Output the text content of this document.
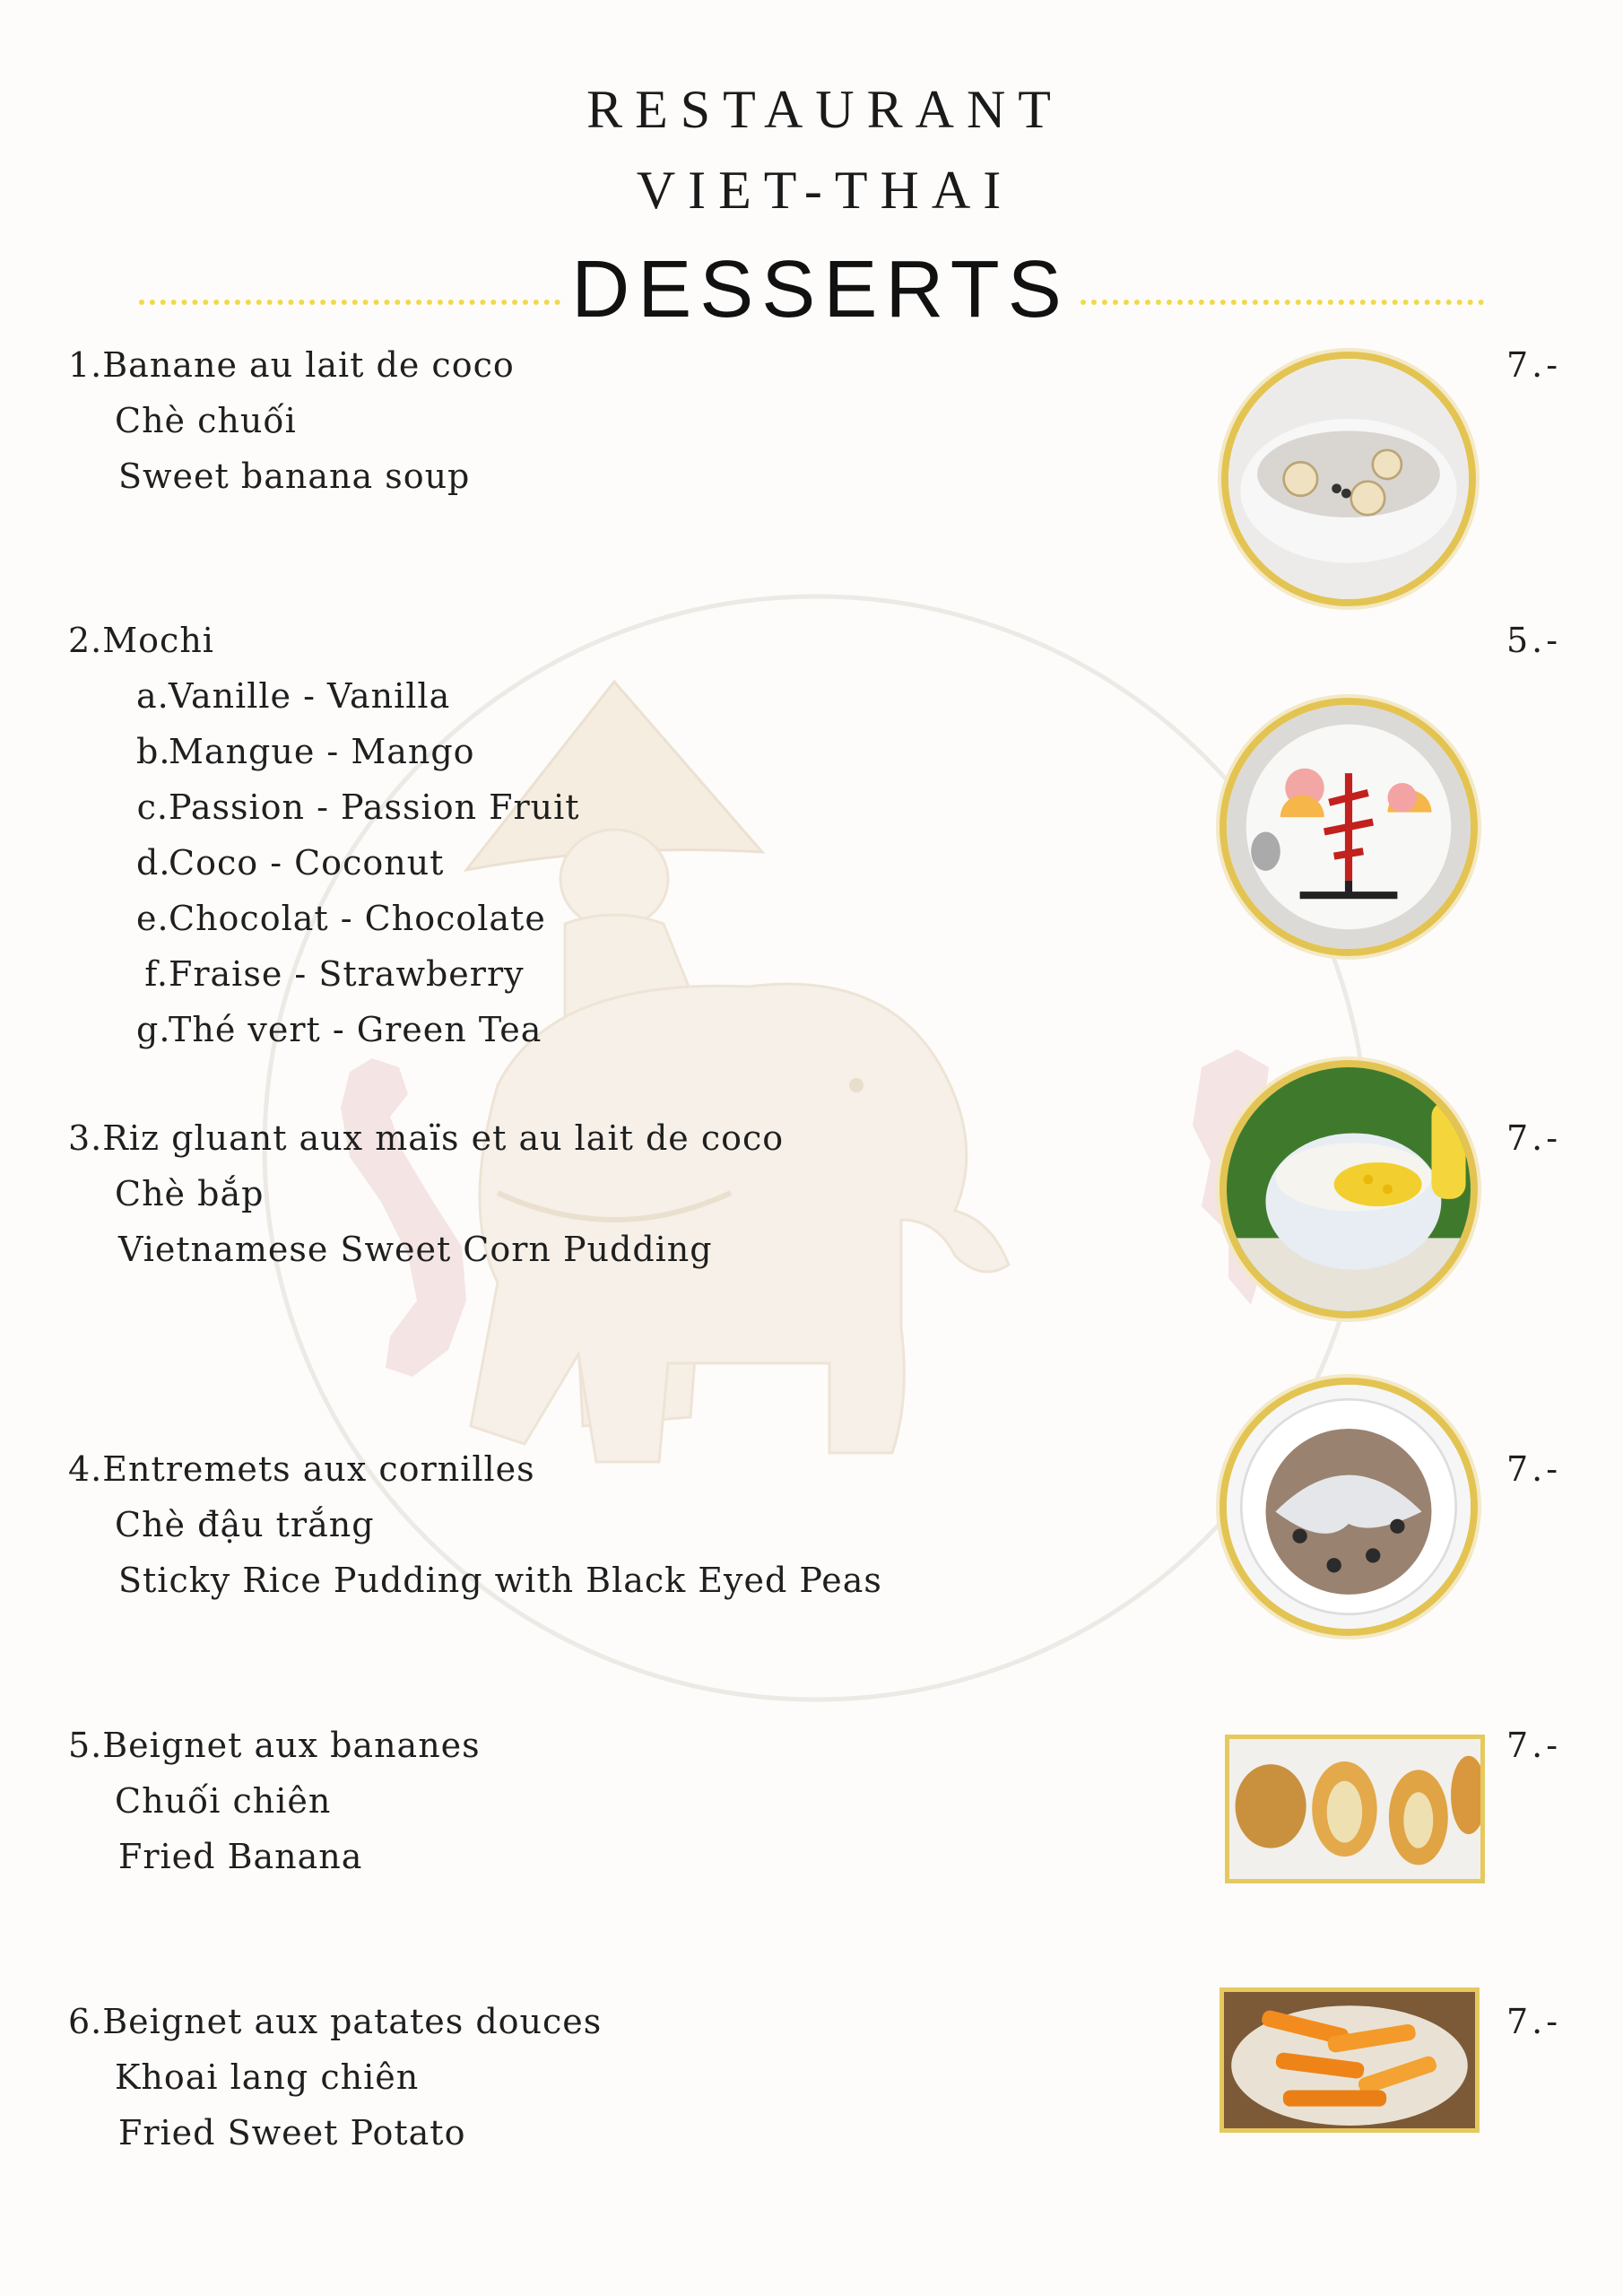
RESTAURANT
VIET-THAI
DESSERTS
1.Banane au lait de coco
Chè chuối
Sweet banana soup
7.-
2.Mochi	5.-
a.Vanille - Vanilla
b.Mangue - Mango
c.Passion - Passion Fruit
d.Coco - Coconut
e.Chocolat - Chocolate
f.Fraise - Strawberry
g.Thé vert - Green Tea
3.Riz gluant aux maïs et au lait de coco
Chè bắp
Vietnamese Sweet Corn Pudding
7.-
4.Entremets aux cornilles
Chè đậu trắng
Sticky Rice Pudding with Black Eyed Peas
7.-
5.Beignet aux bananes
Chuối chiên
Fried Banana
7.-
6.Beignet aux patates douces
Khoai lang chiên
Fried Sweet Potato
7.-
